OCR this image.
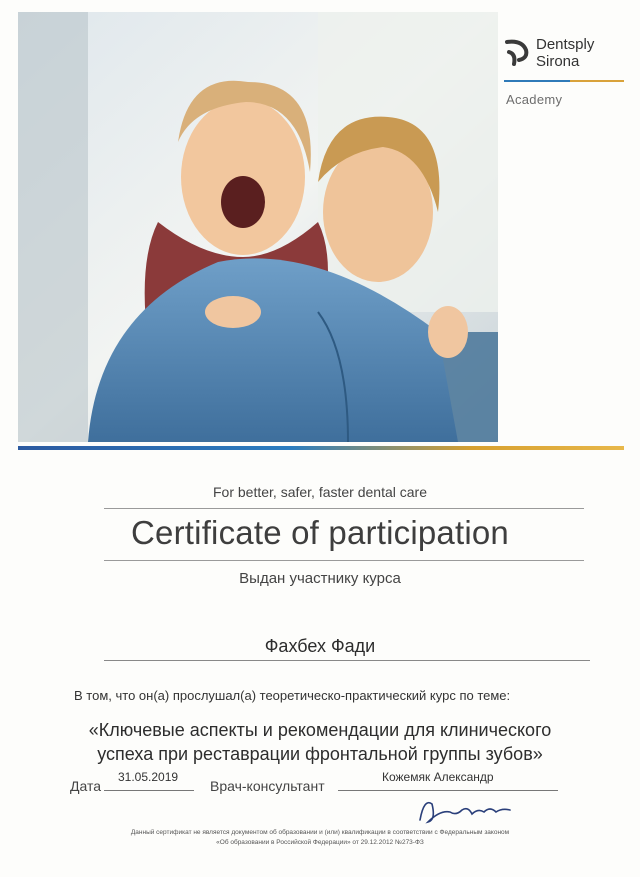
Dentsply
Sirona
Academy
For better, safer, faster dental care
Certificate of participation
Выдан участнику курса
Фахбех Фади
В том, что он(а) прослушал(а) теоретическо-практический курс по теме:
«Ключевые аспекты и рекомендации для клинического
успеха при реставрации фронтальной группы зубов»
Дата
31.05.2019
Врач-консультант
Кожемяк Александр
Данный сертификат не является документом об образовании и (или) квалификации в соответствии с Федеральным законом
«Об образовании в Российской Федерации» от 29.12.2012 №273-ФЗ
